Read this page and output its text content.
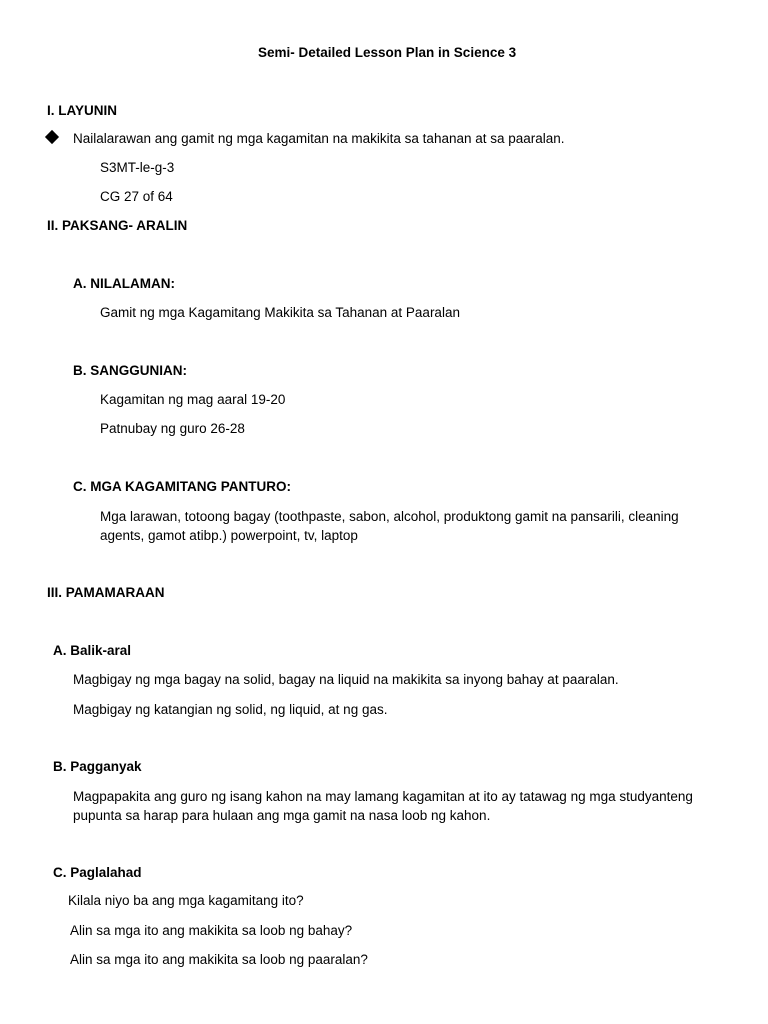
Semi- Detailed Lesson Plan in Science 3
I. LAYUNIN
Nailalarawan ang gamit ng mga kagamitan na makikita sa tahanan at sa paaralan.
S3MT-le-g-3
CG 27 of 64
II. PAKSANG- ARALIN
A. NILALAMAN:
Gamit ng mga Kagamitang Makikita sa Tahanan at Paaralan
B. SANGGUNIAN:
Kagamitan ng mag aaral 19-20
Patnubay ng guro 26-28
C. MGA KAGAMITANG PANTURO:
Mga larawan, totoong bagay (toothpaste, sabon, alcohol, produktong gamit na pansarili, cleaning agents, gamot atibp.) powerpoint, tv, laptop
III. PAMAMARAAN
A. Balik-aral
Magbigay ng mga bagay na solid, bagay na liquid na makikita sa inyong bahay at paaralan.
Magbigay ng katangian ng solid, ng liquid, at ng gas.
B. Pagganyak
Magpapakita ang guro ng isang kahon na may lamang kagamitan at ito ay tatawag ng mga studyanteng pupunta sa harap para hulaan ang mga gamit na nasa loob ng kahon.
C. Paglalahad
Kilala niyo ba ang mga kagamitang ito?
Alin sa mga ito ang makikita sa loob ng bahay?
Alin sa mga ito ang makikita sa loob ng paaralan?
